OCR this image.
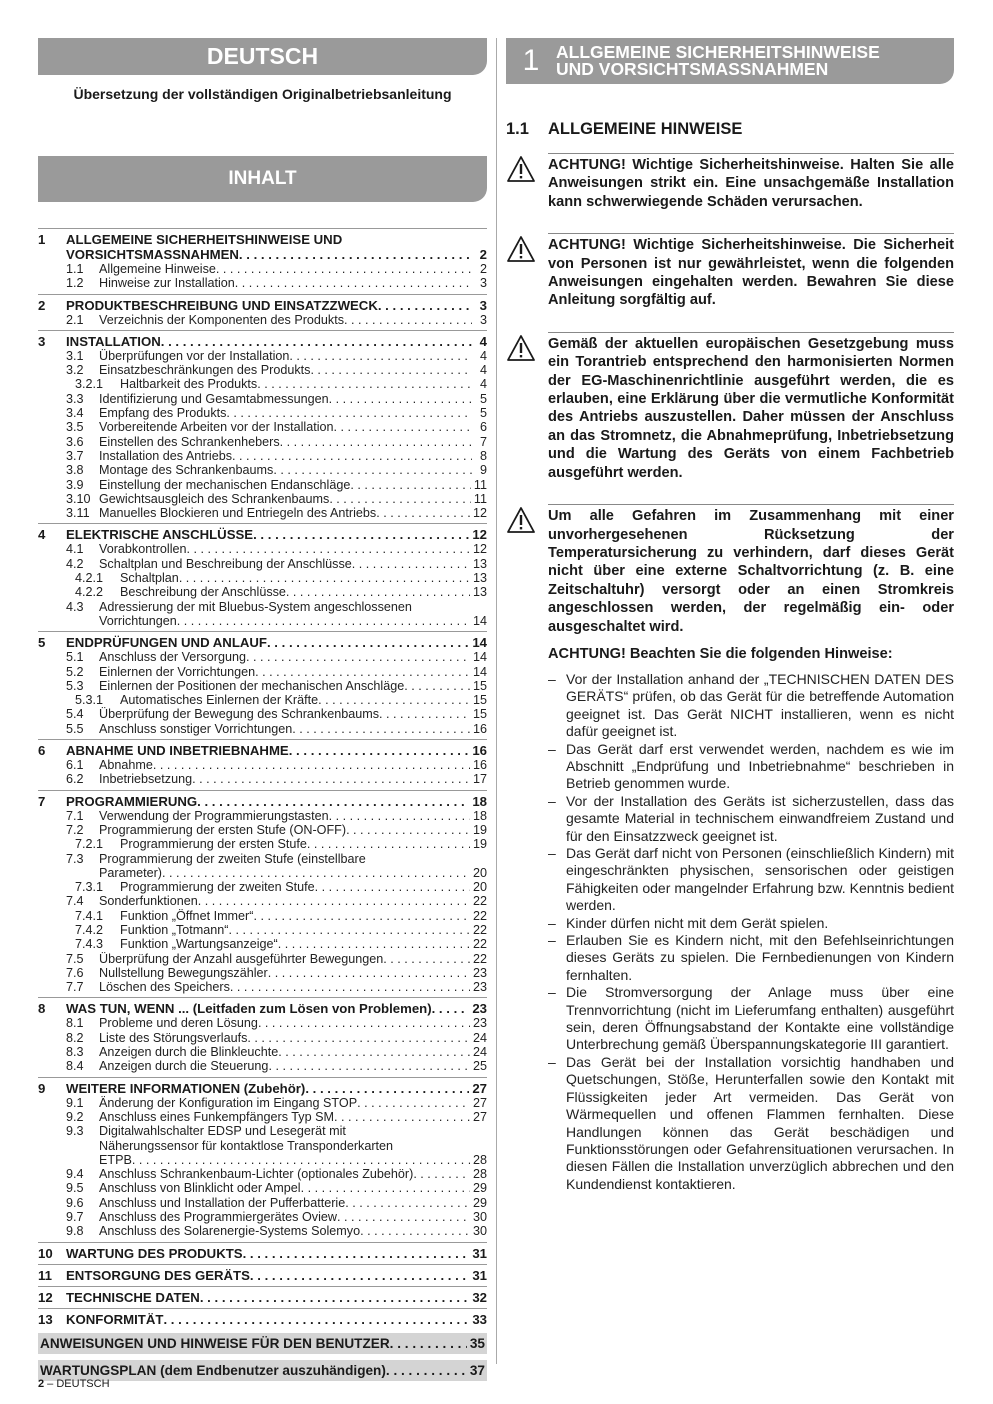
DEUTSCH
Übersetzung der vollständigen Originalbetriebsanleitung
INHALT
1	ALLGEMEINE SICHERHEITSHINWEISE UND
VORSICHTSMASSNAHMEN . . .	2
1.1	Allgemeine Hinweise . . .	2
1.2	Hinweise zur Installation . . .	3
2	PRODUKTBESCHREIBUNG UND EINSATZZWECK . . .	3
2.1	Verzeichnis der Komponenten des Produkts . . .	3
3	INSTALLATION . . .	4
3.1	Überprüfungen vor der Installation . . .	4
3.2	Einsatzbeschränkungen des Produkts . . .	4
3.2.1	Haltbarkeit des Produkts . . .	4
3.3	Identifizierung und Gesamtabmessungen . . .	5
3.4	Empfang des Produkts . . .	5
3.5	Vorbereitende Arbeiten vor der Installation . . .	6
3.6	Einstellen des Schrankenhebers . . .	7
3.7	Installation des Antriebs . . .	8
3.8	Montage des Schrankenbaums . . .	9
3.9	Einstellung der mechanischen Endanschläge . . .	11
3.10 Gewichtsausgleich des Schrankenbaums . . .	11
3.11 Manuelles Blockieren und Entriegeln des Antriebs . . .	12
4	ELEKTRISCHE ANSCHLÜSSE . . .	12
4.1	Vorabkontrollen . . .	12
4.2	Schaltplan und Beschreibung der Anschlüsse . . .	13
4.2.1	Schaltplan . . .	13
4.2.2	Beschreibung der Anschlüsse . . .	13
4.3	Adressierung der mit Bluebus-System angeschlossenen
Vorrichtungen . . .	14
5	ENDPRÜFUNGEN UND ANLAUF . . .	14
5.1	Anschluss der Versorgung . . .	14
5.2	Einlernen der Vorrichtungen . . .	14
5.3	Einlernen der Positionen der mechanischen Anschläge . . .	15
5.3.1	Automatisches Einlernen der Kräfte . . .	15
5.4	Überprüfung der Bewegung des Schrankenbaums . . .	15
5.5	Anschluss sonstiger Vorrichtungen . . .	16
6	ABNAHME UND INBETRIEBNAHME . . .	16
6.1	Abnahme . . .	16
6.2	Inbetriebsetzung . . .	17
7	PROGRAMMIERUNG . . .	18
7.1	Verwendung der Programmierungstasten . . .	18
7.2	Programmierung der ersten Stufe (ON-OFF) . . .	19
7.2.1	Programmierung der ersten Stufe . . .	19
7.3	Programmierung der zweiten Stufe (einstellbare
Parameter) . . .	20
7.3.1	Programmierung der zweiten Stufe . . .	20
7.4	Sonderfunktionen . . .	22
7.4.1	Funktion „Öffnet Immer“ . . .	22
7.4.2	Funktion „Totmann“ . . .	22
7.4.3	Funktion „Wartungsanzeige“ . . .	22
7.5	Überprüfung der Anzahl ausgeführter Bewegungen . . .	22
7.6	Nullstellung Bewegungszähler . . .	23
7.7	Löschen des Speichers . . .	23
8	WAS TUN, WENN ... (Leitfaden zum Lösen von Problemen) . . .	23
8.1	Probleme und deren Lösung . . .	23
8.2	Liste des Störungsverlaufs . . .	24
8.3	Anzeigen durch die Blinkleuchte . . .	24
8.4	Anzeigen durch die Steuerung . . .	25
9	WEITERE INFORMATIONEN (Zubehör) . . .	27
9.1	Änderung der Konfiguration im Eingang STOP . . .	27
9.2	Anschluss eines Funkempfängers Typ SM . . .	27
9.3	Digitalwahlschalter EDSP und Lesegerät mit
Näherungssensor für kontaktlose Transponderkarten
ETPB . . .	28
9.4	Anschluss Schrankenbaum-Lichter (optionales Zubehör) . . .	28
9.5	Anschluss von Blinklicht oder Ampel . . .	29
9.6	Anschluss und Installation der Pufferbatterie . . .	29
9.7	Anschluss des Programmiergerätes Oview . . .	30
9.8	Anschluss des Solarenergie-Systems Solemyo . . .	30
10	WARTUNG DES PRODUKTS . . .	31
11	ENTSORGUNG DES GERÄTS . . .	31
12	TECHNISCHE DATEN . . .	32
13	KONFORMITÄT . . .	33
ANWEISUNGEN UND HINWEISE FÜR DEN BENUTZER . . .	35
WARTUNGSPLAN (dem Endbenutzer auszuhändigen) . . .	37
1 ALLGEMEINE SICHERHEITSHINWEISE
UND VORSICHTSMASSNAHMEN
1.1	ALLGEMEINE HINWEISE
ACHTUNG! Wichtige Sicherheitshinweise. Halten Sie alle Anweisungen strikt ein. Eine unsachgemäße Installation kann schwerwiegende Schäden verursachen.
ACHTUNG! Wichtige Sicherheitshinweise. Die Sicherheit von Personen ist nur gewährleistet, wenn die folgenden Anweisungen eingehalten werden. Bewahren Sie diese Anleitung sorgfältig auf.
Gemäß der aktuellen europäischen Gesetzgebung muss ein Torantrieb entsprechend den harmonisierten Normen der EG-Maschinenrichtlinie ausgeführt werden, die es erlauben, eine Erklärung über die vermutliche Konformität des Antriebs auszustellen. Daher müssen der Anschluss an das Stromnetz, die Abnahmeprüfung, Inbetriebsetzung und die Wartung des Geräts von einem Fachbetrieb ausgeführt werden.
Um alle Gefahren im Zusammenhang mit einer unvorhergesehenen Rücksetzung der Temperatursicherung zu verhindern, darf dieses Gerät nicht über eine externe Schaltvorrichtung (z. B. eine Zeitschaltuhr) versorgt oder an einen Stromkreis angeschlossen werden, der regelmäßig ein- oder ausgeschaltet wird.
ACHTUNG! Beachten Sie die folgenden Hinweise:
– Vor der Installation anhand der „TECHNISCHEN DATEN DES GERÄTS“ prüfen, ob das Gerät für die betreffende Automation geeignet ist. Das Gerät NICHT installieren, wenn es nicht dafür geeignet ist.
– Das Gerät darf erst verwendet werden, nachdem es wie im Abschnitt „Endprüfung und Inbetriebnahme“ beschrieben in Betrieb genommen wurde.
– Vor der Installation des Geräts ist sicherzustellen, dass das gesamte Material in technischem einwandfreiem Zustand und für den Einsatzzweck geeignet ist.
– Das Gerät darf nicht von Personen (einschließlich Kindern) mit eingeschränkten physischen, sensorischen oder geistigen Fähigkeiten oder mangelnder Erfahrung bzw. Kenntnis bedient werden.
– Kinder dürfen nicht mit dem Gerät spielen.
– Erlauben Sie es Kindern nicht, mit den Befehlseinrichtungen dieses Geräts zu spielen. Die Fernbedienungen von Kindern fernhalten.
– Die Stromversorgung der Anlage muss über eine Trennvorrichtung (nicht im Lieferumfang enthalten) ausgeführt sein, deren Öffnungsabstand der Kontakte eine vollständige Unterbrechung gemäß Überspannungskategorie III garantiert.
– Das Gerät bei der Installation vorsichtig handhaben und Quetschungen, Stöße, Herunterfallen sowie den Kontakt mit Flüssigkeiten jeder Art vermeiden. Das Gerät von Wärmequellen und offenen Flammen fernhalten. Diese Handlungen können das Gerät beschädigen und Funktionsstörungen oder Gefahrensituationen verursachen. In diesen Fällen die Installation unverzüglich abbrechen und den Kundendienst kontaktieren.
2 – DEUTSCH
